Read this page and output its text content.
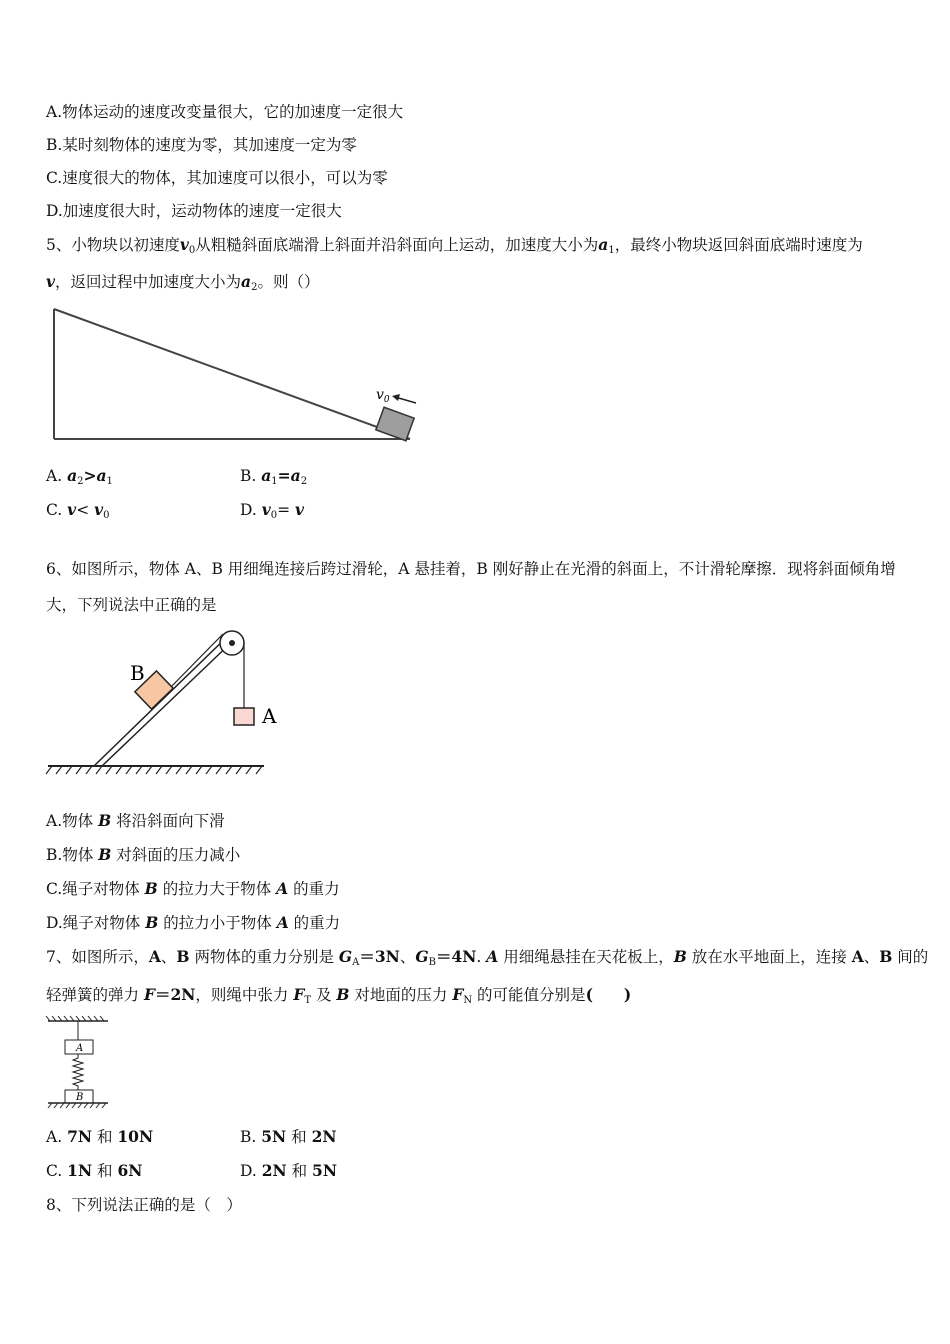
A.物体运动的速度改变量很大，它的加速度一定很大
B.某时刻物体的速度为零，其加速度一定为零
C.速度很大的物体，其加速度可以很小，可以为零
D.加速度很大时，运动物体的速度一定很大
5、小物块以初速度$v_0$从粗糙斜面底端滑上斜面并沿斜面向上运动，加速度大小为$a_1$，最终小物块返回斜面底端时速度为
v，返回过程中加速度大小为$a_2$。则（）
$v_0$
A. $a_2>a_1$	B. $a_1=a_2$
C. $v< v_0$	D. $v_0= v$
6、如图所示，物体 A、B 用细绳连接后跨过滑轮，A 悬挂着，B 刚好静止在光滑的斜面上，不计滑轮摩擦．现将斜面倾角增
大，下列说法中正确的是
B
A
A.物体 B 将沿斜面向下滑
B.物体 B 对斜面的压力减小
C.绳子对物体 B 的拉力大于物体 A 的重力
D.绳子对物体 B 的拉力小于物体 A 的重力
7、如图所示，A、B 两物体的重力分别是 $G_A=3N$、$G_B=4N$. A 用细绳悬挂在天花板上，B 放在水平地面上，连接 A、B 间的
轻弹簧的弹力 F＝2N，则绳中张力 $F_T$ 及 B 对地面的压力 $F_N$ 的可能值分别是(　　)
A
B
A. 7N 和 10N	B. 5N 和 2N
C. 1N 和 6N	D. 2N 和 5N
8、下列说法正确的是（　）
